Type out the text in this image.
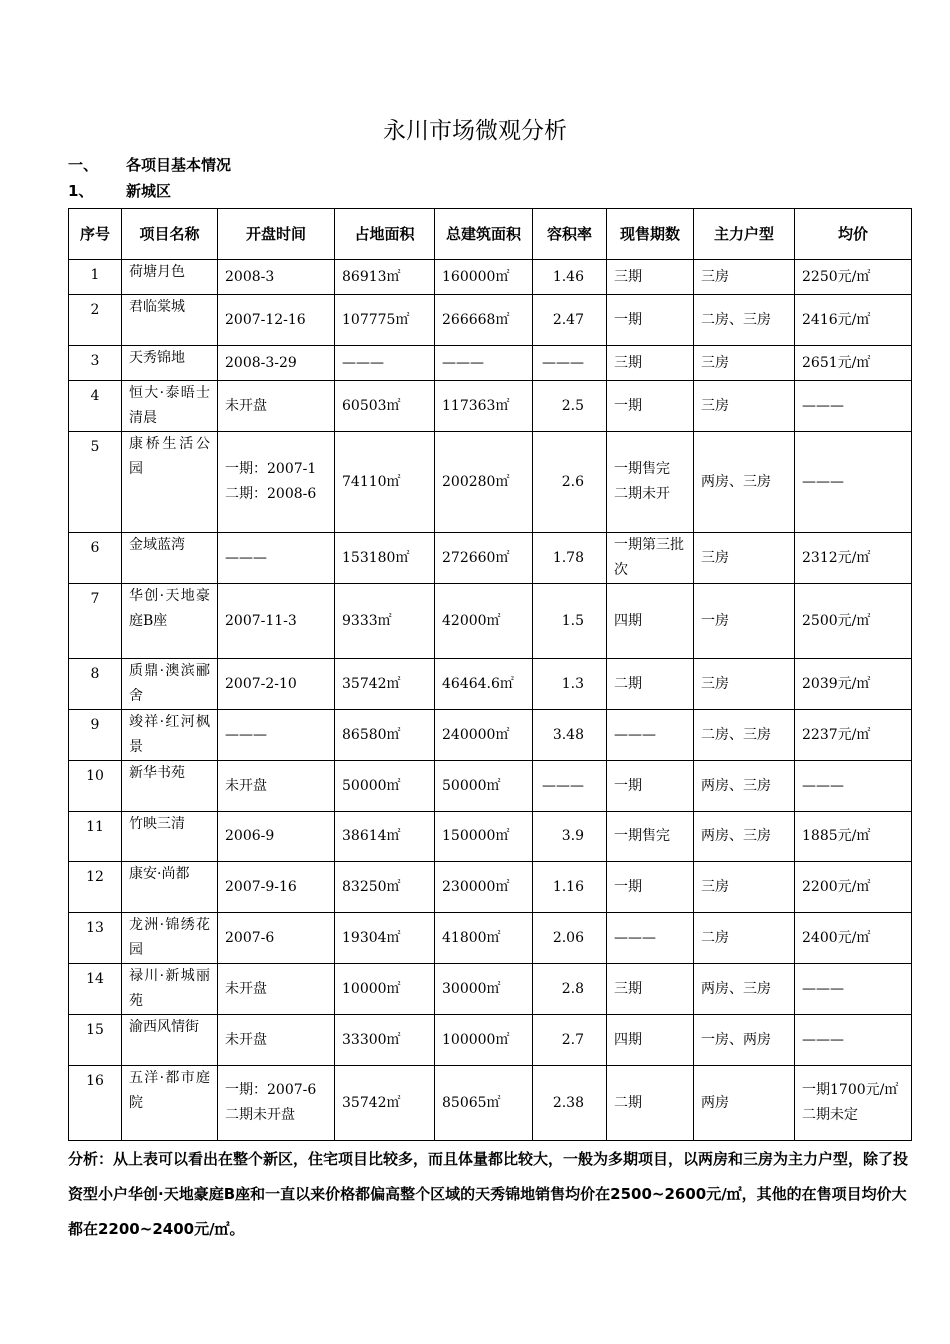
永川市场微观分析
一、 各项目基本情况
1、 新城区
序号	项目名称	开盘时间	占地面积	总建筑面积	容积率	现售期数	主力户型	均价
1	荷塘月色	2008-3	86913㎡	160000㎡	1.46	三期	三房	2250元/㎡
2	君临棠城	2007-12-16	107775㎡	266668㎡	2.47	一期	二房、三房	2416元/㎡
3	天秀锦地	2008-3-29	———	———	———	三期	三房	2651元/㎡
4	恒大·泰晤士清晨	未开盘	60503㎡	117363㎡	2.5	一期	三房	———
5	康桥生活公园	一期：2007-1 二期：2008-6	74110㎡	200280㎡	2.6	一期售完 二期未开	两房、三房	———
6	金域蓝湾	———	153180㎡	272660㎡	1.78	一期第三批次	三房	2312元/㎡
7	华创·天地豪庭B座	2007-11-3	9333㎡	42000㎡	1.5	四期	一房	2500元/㎡
8	质鼎·澳滨郦舍	2007-2-10	35742㎡	46464.6㎡	1.3	二期	三房	2039元/㎡
9	竣祥·红河枫景	———	86580㎡	240000㎡	3.48	———	二房、三房	2237元/㎡
10	新华书苑	未开盘	50000㎡	50000㎡	———	一期	两房、三房	———
11	竹映三清	2006-9	38614㎡	150000㎡	3.9	一期售完	两房、三房	1885元/㎡
12	康安·尚都	2007-9-16	83250㎡	230000㎡	1.16	一期	三房	2200元/㎡
13	龙洲·锦绣花园	2007-6	19304㎡	41800㎡	2.06	———	二房	2400元/㎡
14	禄川·新城丽苑	未开盘	10000㎡	30000㎡	2.8	三期	两房、三房	———
15	渝西风情街	未开盘	33300㎡	100000㎡	2.7	四期	一房、两房	———
16	五洋·都市庭院	一期：2007-6 二期未开盘	35742㎡	85065㎡	2.38	二期	两房	一期1700元/㎡ 二期未定
分析：从上表可以看出在整个新区，住宅项目比较多，而且体量都比较大，一般为多期项目，以两房和三房为主力户型，除了投资型小户华创·天地豪庭B座和一直以来价格都偏高整个区域的天秀锦地销售均价在2500~2600元/㎡，其他的在售项目均价大都在2200~2400元/㎡。
